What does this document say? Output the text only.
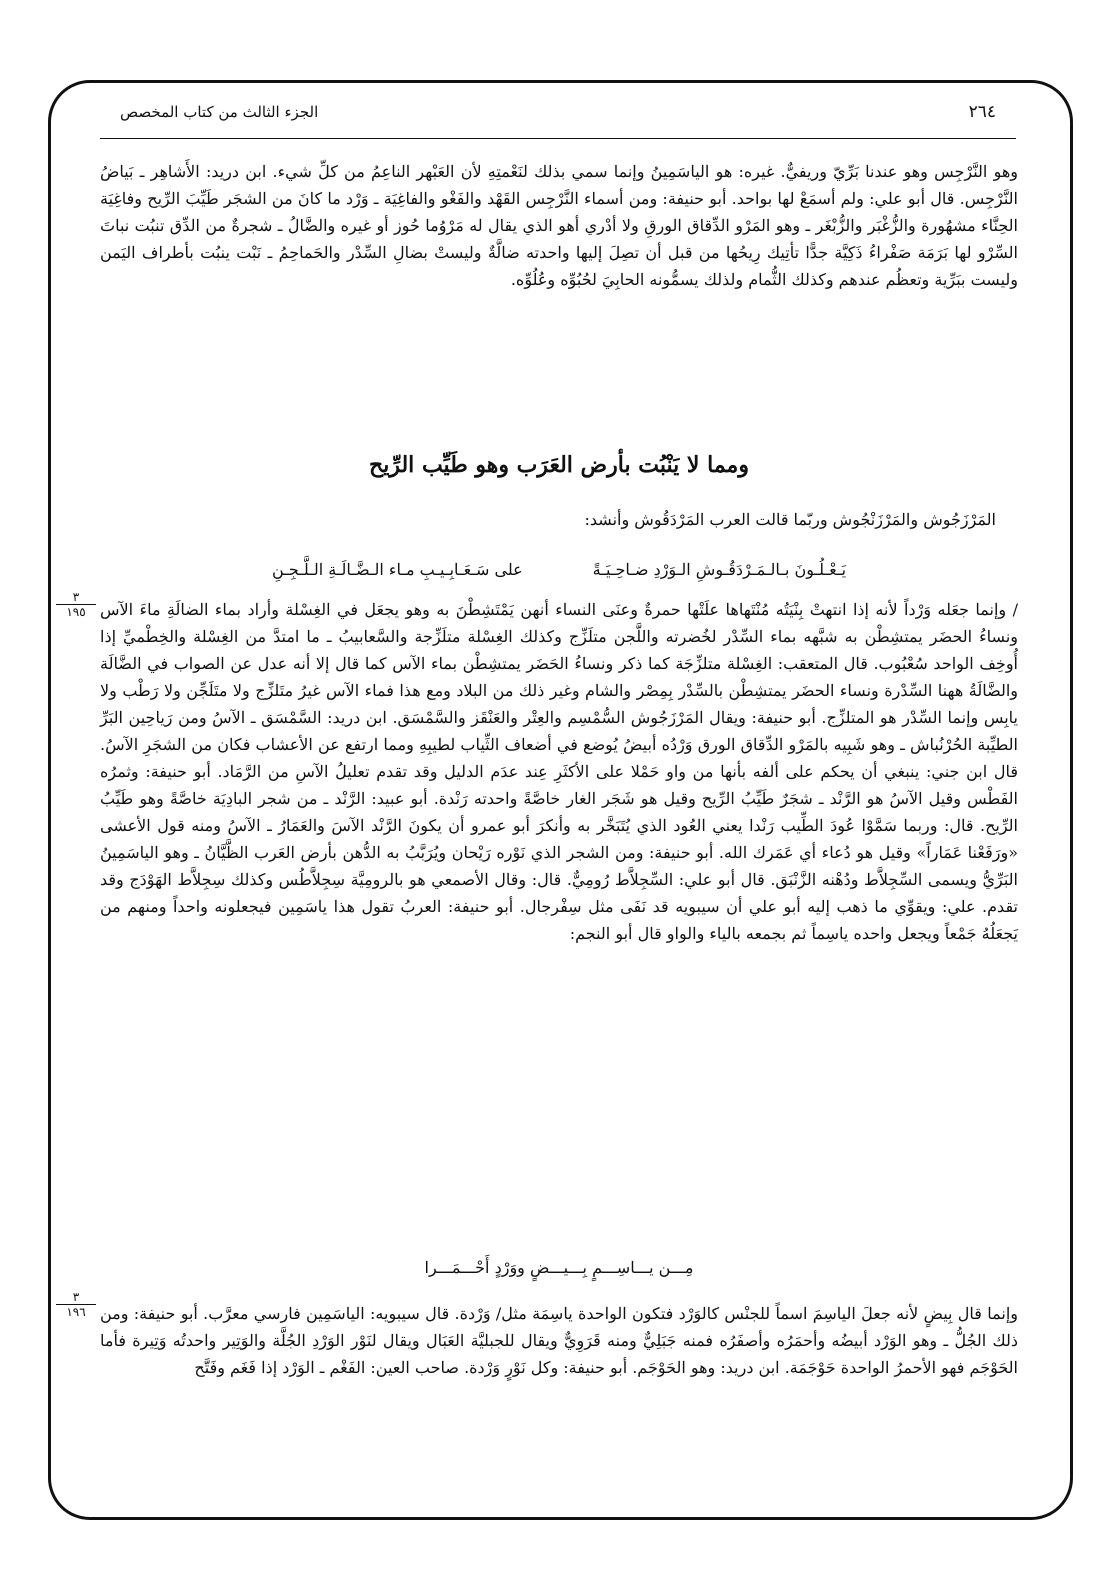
٢٦٤
الجزء الثالث من كتاب المخصص
وهو النَّرْجِس وهو عندنا بَرِّيّ وريفيٌّ. غيره: هو الياسَمِينُ وإنما سمي بذلك لنَعْمتِهِ لأن العَبْهر الناعِمُ من كلِّ شيء. ابن دريد: الأَشاهِر ـ بَياضُ النَّرْجِس. قال أبو علي: ولم أسمَعْ لها بواحد. أبو حنيفة: ومن أسماء النَّرْجِس القَهْد والفَغْو والفاغِيَة ـ وَرْد ما كانَ من الشجَر طَيِّبَ الرِّيح وفاغِيَة الحِنَّاء مشهُورة والزُّغْبَر والزُّبْغَر ـ وهو المَرْو الدِّقاق الورقِ ولا أدْري أهو الذي يقال له مَرْوُما حُوز أو غيره والضَّالُ ـ شجرةٌ من الدِّق تنبُت نباتَ السِّرْو لها بَرَمَة صَفْراءُ ذَكِيَّة جدًّا تأتِيك رِيحُها من قبل أن تصِلَ إليها واحدته ضالَّةٌ وليستْ بضالِ السِّدْر والحَماحِمُ ـ نَبْت ينبُت بأطراف اليَمن وليست ببَرِّية وتعظُم عندهم وكذلك الثُّمام ولذلك يسمُّونه الحابِيَ لحُبُوِّه وعُلُوِّه.
ومما لا يَنْبُت بأرض العَرَب وهو طَيِّب الرِّيح
المَرْزَجُوش والمَرْزَنْجُوش وربّما قالت العرب المَرْدَقُوش وأنشد:
يَـعْـلُـونَ بـالـمَـرْدَقُـوشِ الـوَرْدِ ضـاحِـيَـةً
على سَـعَـابِـيـبِ مـاء الـضَّـالَـةِ الـلَّـجِـنِ
٣
١٩٥ / وإنما جعَله وَرْداً لأنه إذا انتهتْ بِنْيَتُه مُنْتَهاها علَتْها حمرةٌ وعنَى النساء أنهن يَمْتَشِطْنَ به وهو يجعَل في الغِسْلة وأراد بماء الضالَةِ ماءَ الآس ونساءُ الحضَر يمتشِطْن به شبَّهه بماء السِّدْر لخُضرته واللَّجن متلَزِّج وكذلك الغِسْلة متلَزِّجة والسَّعابيبُ ـ ما امتدَّ من الغِسْلة والخِطْميِّ إذا أُوخِف الواحد سُعْبُوب. قال المتعقب: الغِسْلة متلزِّجَة كما ذكر ونساءُ الحَضَر يمتشِطْن بماء الآس كما قال إلا أنه عدل عن الصواب في الضَّالَة والضَّالَةُ ههنا السِّدْرة ونساء الحضَر يمتشِطْن بالسِّدْر بِمِصْر والشام وغير ذلك من البلاد ومع هذا فماء الآس غيرُ متَلزِّج ولا متَلَجِّن ولا رَطْب ولا يابِس وإنما السِّدْر هو المتلزِّج. أبو حنيفة: ويقال المَرْزَجُوش السُّمْسِم والعِتْر والعَنْقَز والسَّمْسَق. ابن دريد: السَّمْسَق ـ الآسُ ومن رَياحِين البَرِّ الطيِّبة الحُرْنُباش ـ وهو شَبِيه بالمَرْو الدِّقاق الورق وَرْدُه أبيضُ يُوضع في أضعاف الثِّياب لطيبِهِ ومما ارتفع عن الأعشاب فكان من الشجَرِ الآسُ. قال ابن جني: ينبغي أن يحكم على ألفه بأنها من واو حَمْلا على الأكثَرِ عِند عدَم الدليل وقد تقدم تعليلُ الآسِ من الرَّمَاد. أبو حنيفة: وثمرُه الفَطْس وقيل الآسُ هو الرَّنْد ـ شجَرٌ طَيِّبُ الرِّيح وقيل هو شَجَر الغار خاصَّةً واحدته رَنْدة. أبو عبيد: الرَّنْد ـ من شجر البادِيَة خاصَّةً وهو طَيِّبُ الرِّيح. قال: وربما سَمَّوْا عُودَ الطِّيب رَنْدا يعني العُود الذي يُتَبَخَّر به وأنكرَ أبو عمرو أن يكونَ الرَّنْد الآسَ والعَمَارُ ـ الآسُ ومنه قول الأعشى «ورَفَعْنا عَمَاراً» وقيل هو دُعاء أي عَمَرك الله. أبو حنيفة: ومن الشجر الذي نَوْره رَيْحان ويُرَبَّبُ به الدُّهن بأرض العَرب الظَّيَّانُ ـ وهو الياسَمِينُ البَرِّيُّ ويسمى السِّجِلاَّط ودُهْنه الزَّنْبَق. قال أبو علي: السِّجِلاَّط رُومِيٌّ. قال: وقال الأصمعي هو بالرومِيَّة سِجِلاَّطُس وكذلك سِجِلاَّط الهَوْدَج وقد تقدم. علي: ويقوِّي ما ذهب إليه أبو علي أن سيبويه قد نَفَى مثل سِفْرجال. أبو حنيفة: العربُ تقول هذا ياسَمِين فيجعلونه واحداً ومنهم من يَجعَلُهُ جَمْعاً ويجعل واحده ياسِماً ثم بجمعه بالياء والواو قال أبو النجم:
مِـــن يـــاسِـــمٍ بِـــيـــضٍ ووَرْدٍ أَحْـــمَـــرا
٣
١٩٦ وإنما قال بِيضٍ لأنه جعلَ الياسِمَ اسماً للجنْس كالوَرْد فتكون الواحدة ياسِمَة مثل/ وَرْدة. قال سيبويه: الياسَمِين فارسي معرَّب. أبو حنيفة: ومن ذلك الجُلُّ ـ وهو الوَرْد أبيضُه وأحمَرُه وأصفَرُه فمنه جَبَلِيٌّ ومنه قَرَوِيٌّ ويقال للجبليَّة العَبَال ويقال لنَوْر الوَرْدِ الجُلَّة والوَتِير واحدتُه وَتِيرة فأما الحَوْجَم فهو الأحمرُ الواحدة حَوْجَمَة. ابن دريد: وهو الحَوْجَم. أبو حنيفة: وكل نَوْرٍ وَرْدة. صاحب العين: الفَغْم ـ الوَرْد إذا فَغَم وفَتَّح
